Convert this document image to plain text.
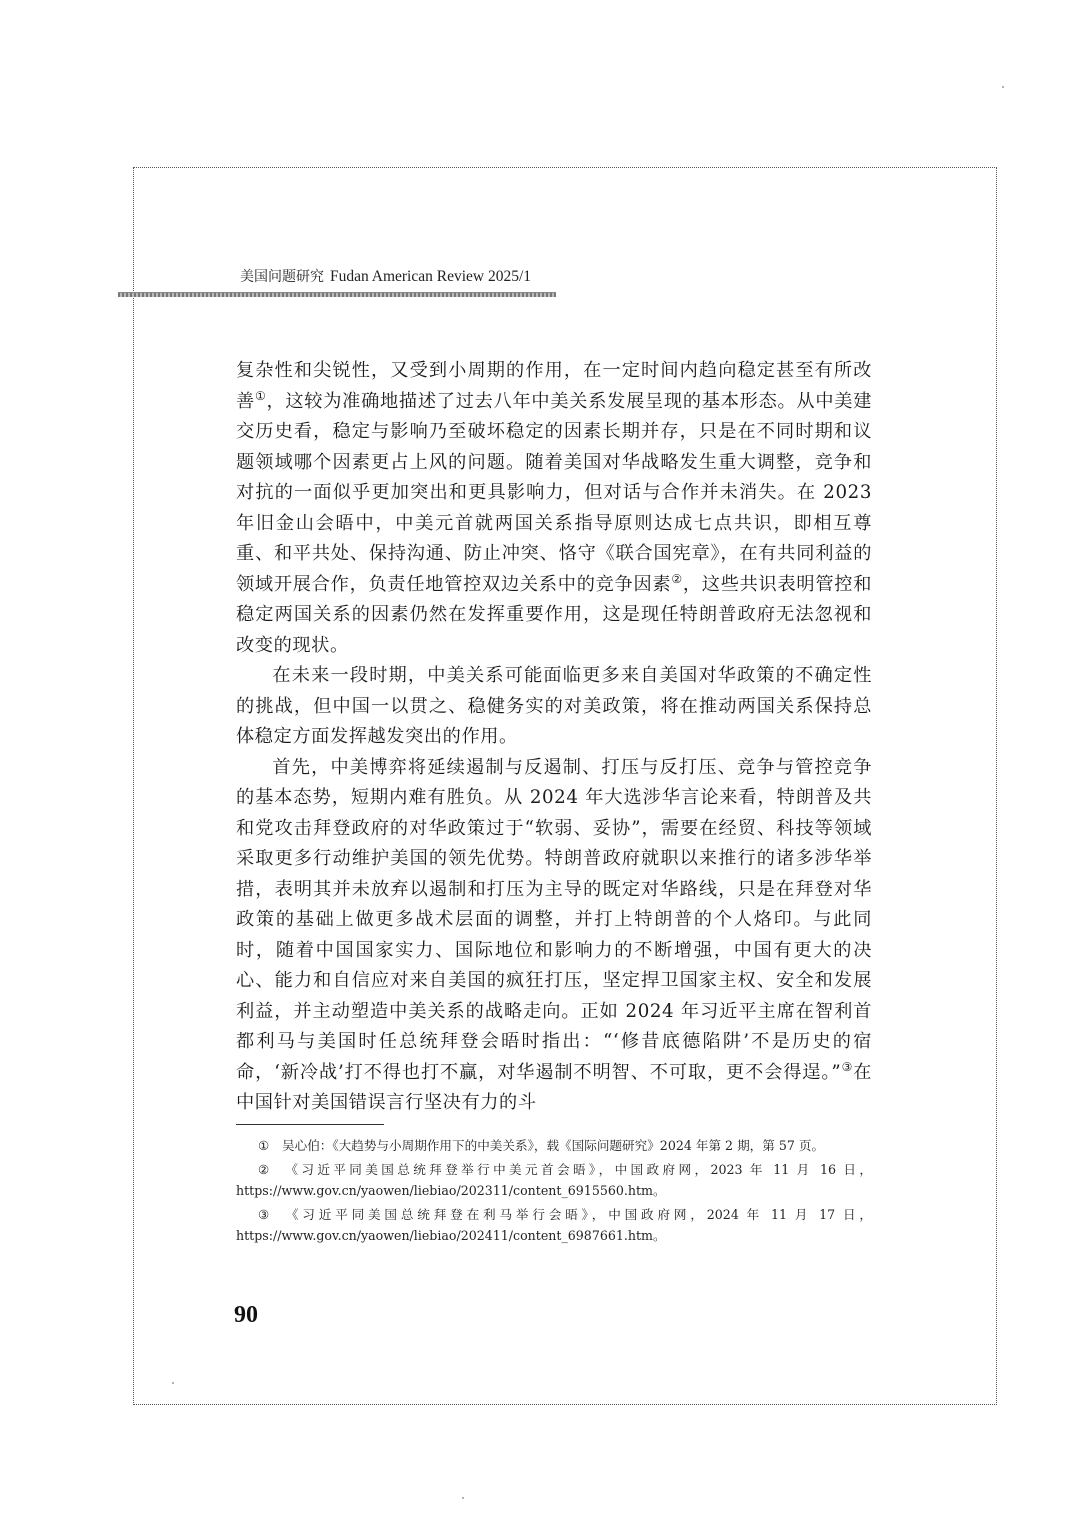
美国问题研究 Fudan American Review 2025/1

复杂性和尖锐性，又受到小周期的作用，在一定时间内趋向稳定甚至有所改善①，这较为准确地描述了过去八年中美关系发展呈现的基本形态。从中美建交历史看，稳定与影响乃至破坏稳定的因素长期并存，只是在不同时期和议题领域哪个因素更占上风的问题。随着美国对华战略发生重大调整，竞争和对抗的一面似乎更加突出和更具影响力，但对话与合作并未消失。在 2023 年旧金山会晤中，中美元首就两国关系指导原则达成七点共识，即相互尊重、和平共处、保持沟通、防止冲突、恪守《联合国宪章》，在有共同利益的领域开展合作，负责任地管控双边关系中的竞争因素②，这些共识表明管控和稳定两国关系的因素仍然在发挥重要作用，这是现任特朗普政府无法忽视和改变的现状。

在未来一段时期，中美关系可能面临更多来自美国对华政策的不确定性的挑战，但中国一以贯之、稳健务实的对美政策，将在推动两国关系保持总体稳定方面发挥越发突出的作用。

首先，中美博弈将延续遏制与反遏制、打压与反打压、竞争与管控竞争的基本态势，短期内难有胜负。从 2024 年大选涉华言论来看，特朗普及共和党攻击拜登政府的对华政策过于“软弱、妥协”，需要在经贸、科技等领域采取更多行动维护美国的领先优势。特朗普政府就职以来推行的诸多涉华举措，表明其并未放弃以遏制和打压为主导的既定对华路线，只是在拜登对华政策的基础上做更多战术层面的调整，并打上特朗普的个人烙印。与此同时，随着中国国家实力、国际地位和影响力的不断增强，中国有更大的决心、能力和自信应对来自美国的疯狂打压，坚定捍卫国家主权、安全和发展利益，并主动塑造中美关系的战略走向。正如 2024 年习近平主席在智利首都利马与美国时任总统拜登会晤时指出：“‘修昔底德陷阱’不是历史的宿命，‘新冷战’打不得也打不赢，对华遏制不明智、不可取，更不会得逞。”③在中国针对美国错误言行坚决有力的斗

① 吴心伯：《大趋势与小周期作用下的中美关系》，载《国际问题研究》2024 年第 2 期，第 57 页。

② 《习近平同美国总统拜登举行中美元首会晤》，中国政府网，2023 年 11 月 16 日，https://www.gov.cn/yaowen/liebiao/202311/content_6915560.htm。

③ 《习近平同美国总统拜登在利马举行会晤》，中国政府网，2024 年 11 月 17 日，https://www.gov.cn/yaowen/liebiao/202411/content_6987661.htm。

90
